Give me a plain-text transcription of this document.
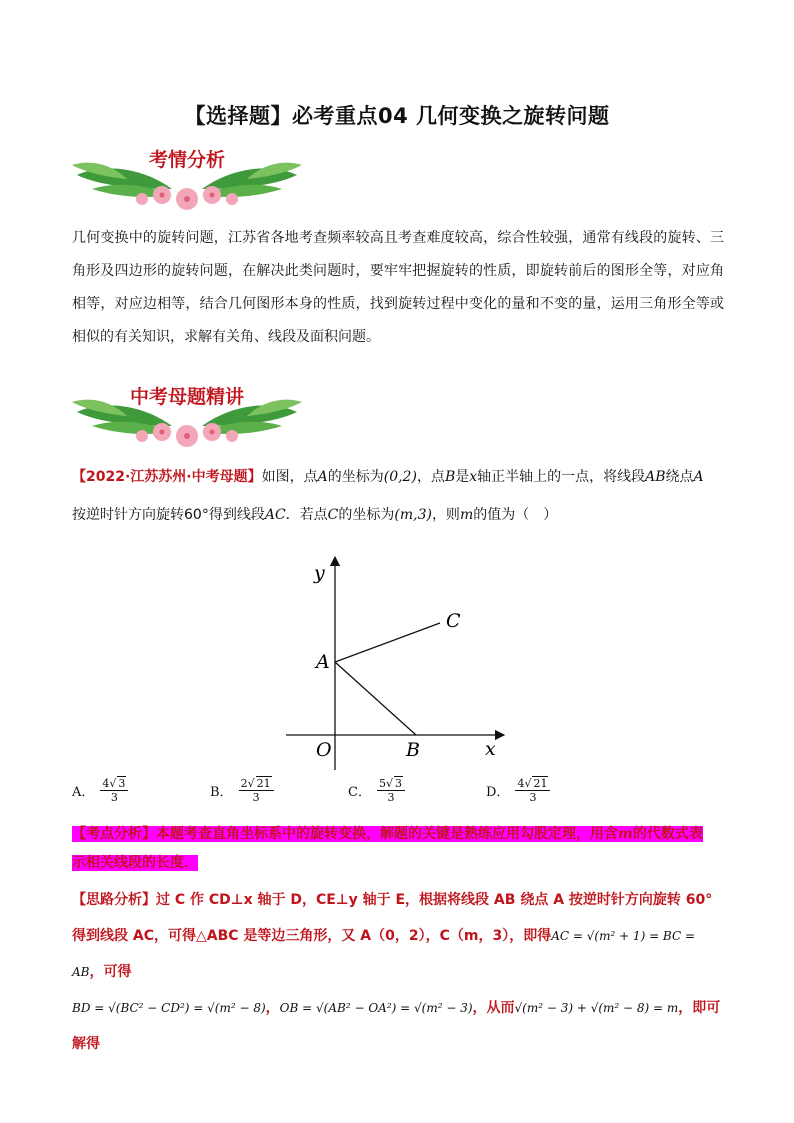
【选择题】必考重点04 几何变换之旋转问题
考情分析
几何变换中的旋转问题，江苏省各地考查频率较高且考查难度较高，综合性较强，通常有线段的旋转、三角形及四边形的旋转问题，在解决此类问题时，要牢牢把握旋转的性质，即旋转前后的图形全等，对应角相等，对应边相等，结合几何图形本身的性质，找到旋转过程中变化的量和不变的量，运用三角形全等或相似的有关知识，求解有关角、线段及面积问题。
中考母题精讲
【2022·江苏苏州·中考母题】如图，点A的坐标为(0,2)，点B是x轴正半轴上的一点，将线段AB绕点A
按逆时针方向旋转60°得到线段AC．若点C的坐标为(m,3)，则m的值为（　）
y
x
O
A
B
C
A． $\frac{4√ 3}{3}$	B． $\frac{2√ 21}{3}$	C． $\frac{5√ 3}{3}$	D． $\frac{4√ 21}{3}$
【考点分析】本题考查直角坐标系中的旋转变换，解题的关键是熟练应用勾股定理，用含m的代数式表示相关线段的长度．
【思路分析】过 C 作 CD⊥x 轴于 D，CE⊥y 轴于 E，根据将线段 AB 绕点 A 按逆时针方向旋转 60°得到线段 AC，可得△ABC 是等边三角形，又 A（0，2），C（m，3），即得AC = √(m² + 1) = BC = AB，可得
BD = √(BC² − CD²) = √(m² − 8)，OB = √(AB² − OA²) = √(m² − 3)，从而√(m² − 3) + √(m² − 8) = m，即可解得
